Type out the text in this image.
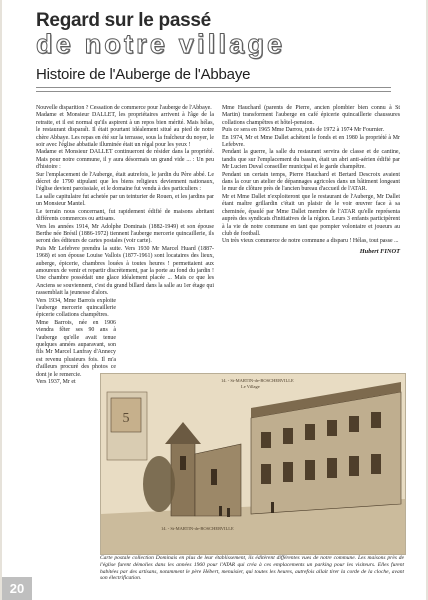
Regard sur le passé
de notre village
Histoire de l'Auberge de l'Abbaye

Nouvelle disparition ? Cessation de commerce pour l'auberge de l'Abbaye.

Madame et Monsieur DALLET, les propriétaires arrivent à l'âge de la retraite, et il est normal qu'ils aspirent à un repos bien mérité. Mais hélas, le restaurant disparaît. Il était pourtant idéalement situé au pied de notre chère Abbaye. Les repas en été sur la terrasse, sous la fraîcheur du noyer, le soir avec l'église abbatiale illuminée était un régal pour les yeux !

Madame et Monsieur DALLET continueront de résider dans la propriété. Mais pour notre commune, il y aura désormais un grand vide ... : Un peu d'histoire :

Sur l'emplacement de l'Auberge, était autrefois, le jardin du Père abbé. Le décret de 1790 stipulant que les biens religieux deviennent nationaux, l'église devient paroissiale, et le domaine fut vendu à des particuliers :

La salle capitulaire fut achetée par un teinturier de Rouen, et les jardins par un Monsieur Mantel.

Le terrain nous concernant, fut rapidement édifié de maisons abritant différents commerces ou artisans.

Vers les années 1914, Mr Adolphe Dominais (1882-1949) et son épouse Berthe née Brésil (1886-1972) tiennent l'auberge mercerie quincaillerie, ils seront des éditeurs de cartes postales (voir carte).

Puis Mr Lefebvre prendra la suite. Vers 1930 Mr Marcel Huard (1887-1968) et son épouse Louise Vallois (1877-1961) sont locataires des lieux, auberge, épicerie, chambres louées à toutes heures ! permettaient aux amoureux de venir et repartir discrètement, par la porte au fond du jardin ! Une chambre possédait une glace idéalement placée ... Mais ce que les Anciens se souviennent, c'est du grand billard dans la salle au 1er étage qui rassemblait la jeunesse d'alors.

Vers 1934, Mme Barrois exploite l'auberge mercerie quincaillerie épicerie collations champêtres.

Mme Barrois, née en 1906 viendra fêter ses 90 ans à l'auberge qu'elle avait tenue quelques années auparavant, son fils Mr Marcel Lanfray d'Annecy est revenu plusieurs fois. Il m'a d'ailleurs procuré des photos ce dont je le remercie.

Vers 1937, Mr et

Mme Hauchard (parents de Pierre, ancien plombier bien connu à St Martin) transforment l'auberge en café épicerie quincaillerie chaussures collations champêtres et hôtel-pension.

Puis ce sera en 1965 Mme Darrou, puis de 1972 à 1974 Mr Fournier.

En 1974, Mr et Mme Dallet achètent le fonds et en 1980 la propriété à Mr Lefebvre.

Pendant la guerre, la salle du restaurant servira de classe et de cantine, tandis que sur l'emplacement du bassin, était un abri anti-aérien édifié par Mr Lucien Duval conseiller municipal et le garde champêtre.

Pendant un certain temps, Pierre Hauchard et Bertard Descroix avaient dans la cour un atelier de dépannages agricoles dans un bâtiment longeant le mur de clôture près de l'ancien bureau d'accueil de l'ATAR.

Mr et Mme Dallet n'exploiteront que le restaurant de l'Auberge, Mr Dallet étant maître grillardin c'était un plaisir de le voir œuvrer face à sa cheminée, épaulé par Mme Dallet membre de l'ATAR qu'elle représenta auprès des syndicats d'initiatives de la région. Leurs 3 enfants participèrent à la vie de notre commune en tant que pompier volontaire et joueurs au club de football.

Un très vieux commerce de notre commune a disparu ! Hélas, tout passe ...

Hubert FINOT
5
14. - St-MARTIN-de-BOSCHERVILLE
Le Village
14. - St-MARTIN-de-BOSCHERVILLE
Carte postale collection Dominais en plus de leur établissement, ils éditèrent différentes vues de notre commune. Les maisons près de l'église furent démolies dans les années 1960 pour l'ATAR qui créa à ces emplacements un parking pour les visiteurs. Elles furent habitées par des artisans, notamment le père Hébert, menuisier, qui toutes les heures, autrefois allait tirer la corde de la cloche, avant son électrification.
20
